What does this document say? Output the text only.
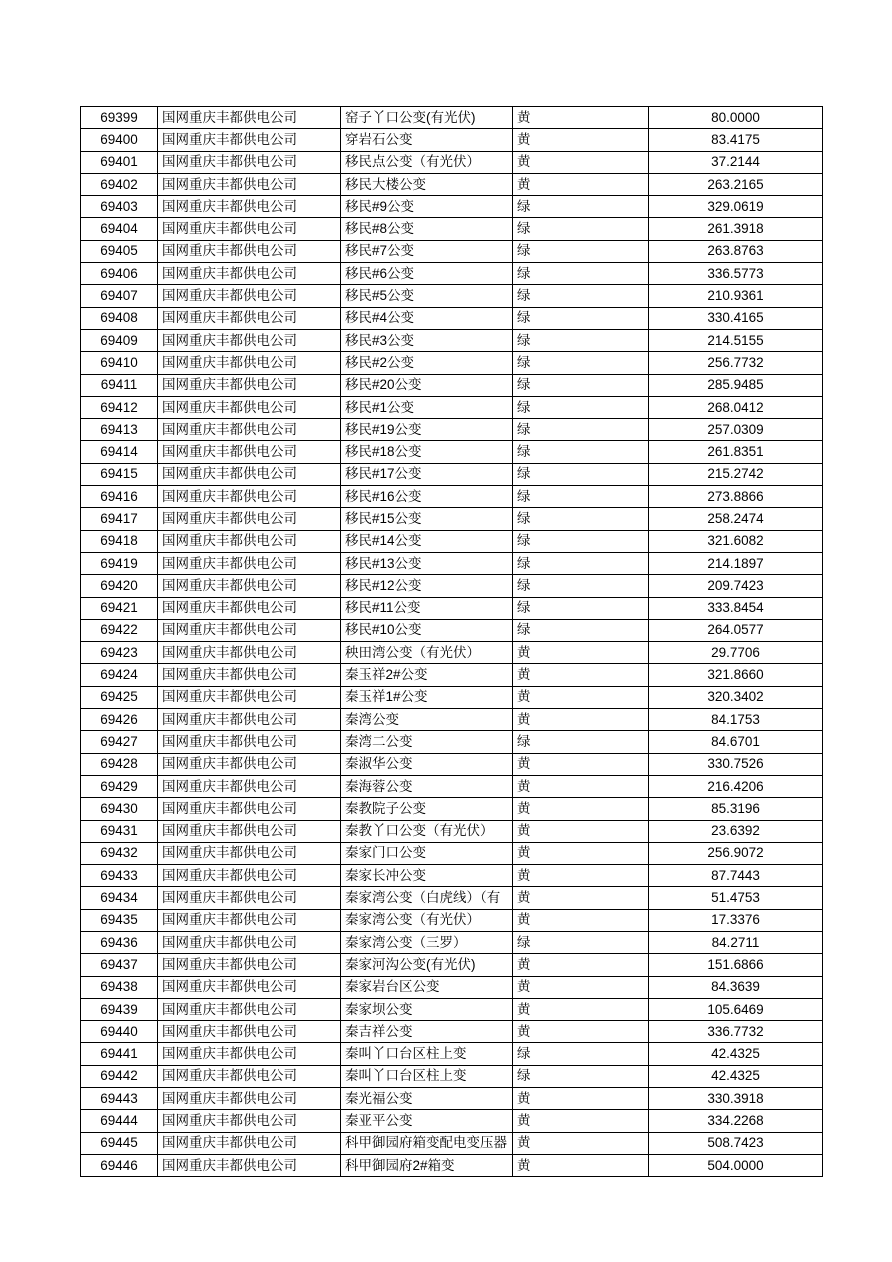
69399	国网重庆丰都供电公司	窑子丫口公变(有光伏)	黄	80.0000
69400	国网重庆丰都供电公司	穿岩石公变	黄	83.4175
69401	国网重庆丰都供电公司	移民点公变（有光伏）	黄	37.2144
69402	国网重庆丰都供电公司	移民大楼公变	黄	263.2165
69403	国网重庆丰都供电公司	移民#9公变	绿	329.0619
69404	国网重庆丰都供电公司	移民#8公变	绿	261.3918
69405	国网重庆丰都供电公司	移民#7公变	绿	263.8763
69406	国网重庆丰都供电公司	移民#6公变	绿	336.5773
69407	国网重庆丰都供电公司	移民#5公变	绿	210.9361
69408	国网重庆丰都供电公司	移民#4公变	绿	330.4165
69409	国网重庆丰都供电公司	移民#3公变	绿	214.5155
69410	国网重庆丰都供电公司	移民#2公变	绿	256.7732
69411	国网重庆丰都供电公司	移民#20公变	绿	285.9485
69412	国网重庆丰都供电公司	移民#1公变	绿	268.0412
69413	国网重庆丰都供电公司	移民#19公变	绿	257.0309
69414	国网重庆丰都供电公司	移民#18公变	绿	261.8351
69415	国网重庆丰都供电公司	移民#17公变	绿	215.2742
69416	国网重庆丰都供电公司	移民#16公变	绿	273.8866
69417	国网重庆丰都供电公司	移民#15公变	绿	258.2474
69418	国网重庆丰都供电公司	移民#14公变	绿	321.6082
69419	国网重庆丰都供电公司	移民#13公变	绿	214.1897
69420	国网重庆丰都供电公司	移民#12公变	绿	209.7423
69421	国网重庆丰都供电公司	移民#11公变	绿	333.8454
69422	国网重庆丰都供电公司	移民#10公变	绿	264.0577
69423	国网重庆丰都供电公司	秧田湾公变（有光伏）	黄	29.7706
69424	国网重庆丰都供电公司	秦玉祥2#公变	黄	321.8660
69425	国网重庆丰都供电公司	秦玉祥1#公变	黄	320.3402
69426	国网重庆丰都供电公司	秦湾公变	黄	84.1753
69427	国网重庆丰都供电公司	秦湾二公变	绿	84.6701
69428	国网重庆丰都供电公司	秦淑华公变	黄	330.7526
69429	国网重庆丰都供电公司	秦海蓉公变	黄	216.4206
69430	国网重庆丰都供电公司	秦教院子公变	黄	85.3196
69431	国网重庆丰都供电公司	秦教丫口公变（有光伏）	黄	23.6392
69432	国网重庆丰都供电公司	秦家门口公变	黄	256.9072
69433	国网重庆丰都供电公司	秦家长冲公变	黄	87.7443
69434	国网重庆丰都供电公司	秦家湾公变（白虎线）（有	黄	51.4753
69435	国网重庆丰都供电公司	秦家湾公变（有光伏）	黄	17.3376
69436	国网重庆丰都供电公司	秦家湾公变（三罗）	绿	84.2711
69437	国网重庆丰都供电公司	秦家河沟公变(有光伏)	黄	151.6866
69438	国网重庆丰都供电公司	秦家岩台区公变	黄	84.3639
69439	国网重庆丰都供电公司	秦家坝公变	黄	105.6469
69440	国网重庆丰都供电公司	秦吉祥公变	黄	336.7732
69441	国网重庆丰都供电公司	秦叫丫口台区柱上变	绿	42.4325
69442	国网重庆丰都供电公司	秦叫丫口台区柱上变	绿	42.4325
69443	国网重庆丰都供电公司	秦光福公变	黄	330.3918
69444	国网重庆丰都供电公司	秦亚平公变	黄	334.2268
69445	国网重庆丰都供电公司	科甲御园府箱变配电变压器	黄	508.7423
69446	国网重庆丰都供电公司	科甲御园府2#箱变	黄	504.0000
